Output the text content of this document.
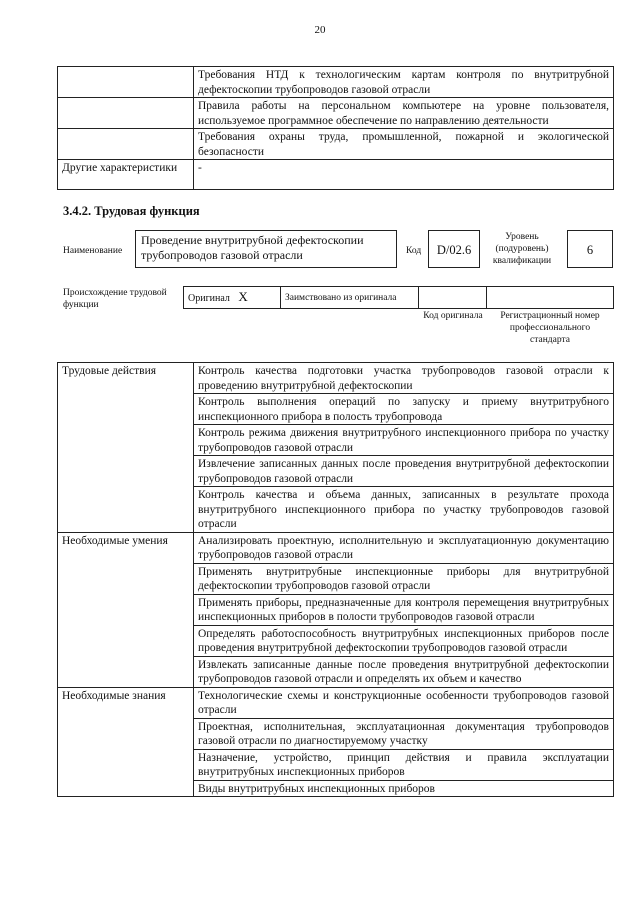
20
	Требования НТД к технологическим картам контроля по внутритрубной дефектоскопии трубопроводов газовой отрасли
	Правила работы на персональном компьютере на уровне пользователя, используемое программное обеспечение по направлению деятельности
	Требования охраны труда, промышленной, пожарной и экологической безопасности
Другие характеристики	-
3.4.2. Трудовая функция
Наименование
Проведение внутритрубной дефектоскопии трубопроводов газовой отрасли	Код	D/02.6
Уровень (подуровень) квалификации
6
Происхождение трудовой функции
Оригинал X	Заимствовано из оригинала		
Код оригинала	Регистрационный номер профессионального стандарта
Трудовые действия	Контроль качества подготовки участка трубопроводов газовой отрасли к проведению внутритрубной дефектоскопии
	Контроль выполнения операций по запуску и приему внутритрубного инспекционного прибора в полость трубопровода
	Контроль режима движения внутритрубного инспекционного прибора по участку трубопроводов газовой отрасли
	Извлечение записанных данных после проведения внутритрубной дефектоскопии трубопроводов газовой отрасли
	Контроль качества и объема данных, записанных в результате прохода внутритрубного инспекционного прибора по участку трубопроводов газовой отрасли
Необходимые умения	Анализировать проектную, исполнительную и эксплуатационную документацию трубопроводов газовой отрасли
	Применять внутритрубные инспекционные приборы для внутритрубной дефектоскопии трубопроводов газовой отрасли
	Применять приборы, предназначенные для контроля перемещения внутритрубных инспекционных приборов в полости трубопроводов газовой отрасли
	Определять работоспособность внутритрубных инспекционных приборов после проведения внутритрубной дефектоскопии трубопроводов газовой отрасли
	Извлекать записанные данные после проведения внутритрубной дефектоскопии трубопроводов газовой отрасли и определять их объем и качество
Необходимые знания	Технологические схемы и конструкционные особенности трубопроводов газовой отрасли
	Проектная, исполнительная, эксплуатационная документация трубопроводов газовой отрасли по диагностируемому участку
	Назначение, устройство, принцип действия и правила эксплуатации внутритрубных инспекционных приборов
	Виды внутритрубных инспекционных приборов
